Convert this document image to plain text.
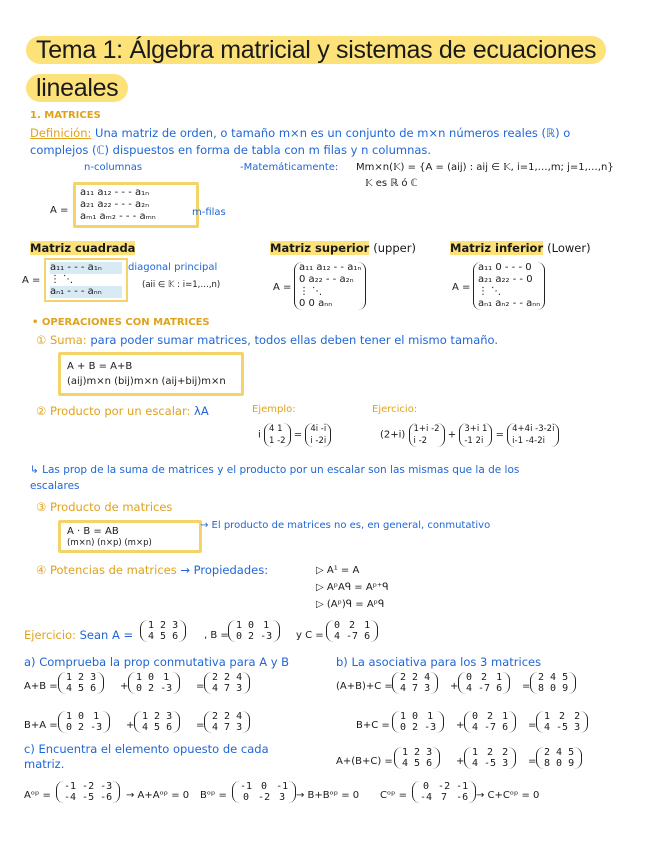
Tema 1: Álgebra matricial y sistemas de ecuaciones
lineales
1. MATRICES
Definición: Una matriz de orden, o tamaño m×n es un conjunto de m×n números reales (ℝ) o
complejos (ℂ) dispuestos en forma de tabla con m filas y n columnas.
n-columnas	-Matemáticamente: Mm×n(𝕂) = {A = (aij) : aij ∈ 𝕂, i=1,…,m; j=1,…,n}
𝕂 es ℝ ó ℂ
A =
a₁₁ a₁₂ - - - a₁ₙ
a₂₁ a₂₂ - - - a₂ₙ
aₘ₁ aₘ₂ - - - aₘₙ	m-filas
Matriz cuadrada
A =
a₁₁ - - - a₁ₙ
⋮ ⋱
aₙ₁ - - - aₙₙ
diagonal principal
(aii ∈ 𝕂 : i=1,…,n)
Matriz superior (upper)
A =
a₁₁ a₁₂ - - a₁ₙ
0 a₂₂ - - a₂ₙ
⋮ ⋱
0 0 aₙₙ
Matriz inferior (Lower)
A =
a₁₁ 0 - - - 0
a₂₁ a₂₂ - - 0
⋮ ⋱
aₙ₁ aₙ₂ - - aₙₙ
• OPERACIONES CON MATRICES
① Suma: para poder sumar matrices, todos ellas deben tener el mismo tamaño.
A + B = A+B
(aij)m×n (bij)m×n (aij+bij)m×n
② Producto por un escalar: λA	Ejemplo:	Ejercicio:
i
4 1
1 -2
=
4i -i
i -2i
(2+i)
1+i -2
i -2
+
3+i 1
-1 2i
=
4+4i -3-2i
i-1 -4-2i
↳ Las prop de la suma de matrices y el producto por un escalar son las mismas que la de los
escalares
③ Producto de matrices
A · B = AB
(m×n) (n×p) (m×p)
→ El producto de matrices no es, en general, conmutativo
④ Potencias de matrices → Propiedades:	▷ A¹ = A
▷ AᵖAᑫ = Aᵖ⁺ᑫ
▷ (Aᵖ)ᑫ = Aᵖᑫ
Ejercicio: Sean A =
1	2	3
4	5	6	, B =
1	0	1
0	2	-3 y C =
0	2	1
4	-7	6
a) Comprueba la prop conmutativa para A y B	b) La asociativa para los 3 matrices
A+B =
1	2	3
4	5	6 +
1	0	1
0	2	-3 =
2	2	4
4	7	3
B+A =
1	0	1
0	2	-3 +
1	2	3
4	5	6 =
2	2	4
4	7	3
(A+B)+C =
2	2	4
4	7	3 +
0	2	1
4	-7	6 =
2	4	5
8	0	9
B+C =
1	0	1
0	2	-3 +
0	2	1
4	-7	6 =
1	2	2
4	-5	3
c) Encuentra el elemento opuesto de cada
matriz.	A+(B+C) =
1	2	3
4	5	6 +
1	2	2
4	-5	3 =
2	4	5
8	0	9
Aᵒᵖ =
-1	-2	-3
-4	-5	-6 → A+Aᵒᵖ = 0 Bᵒᵖ =
-1	0	-1
0	-2	3 → B+Bᵒᵖ = 0 Cᵒᵖ =
0	-2	-1
-4	7	-6 → C+Cᵒᵖ = 0
